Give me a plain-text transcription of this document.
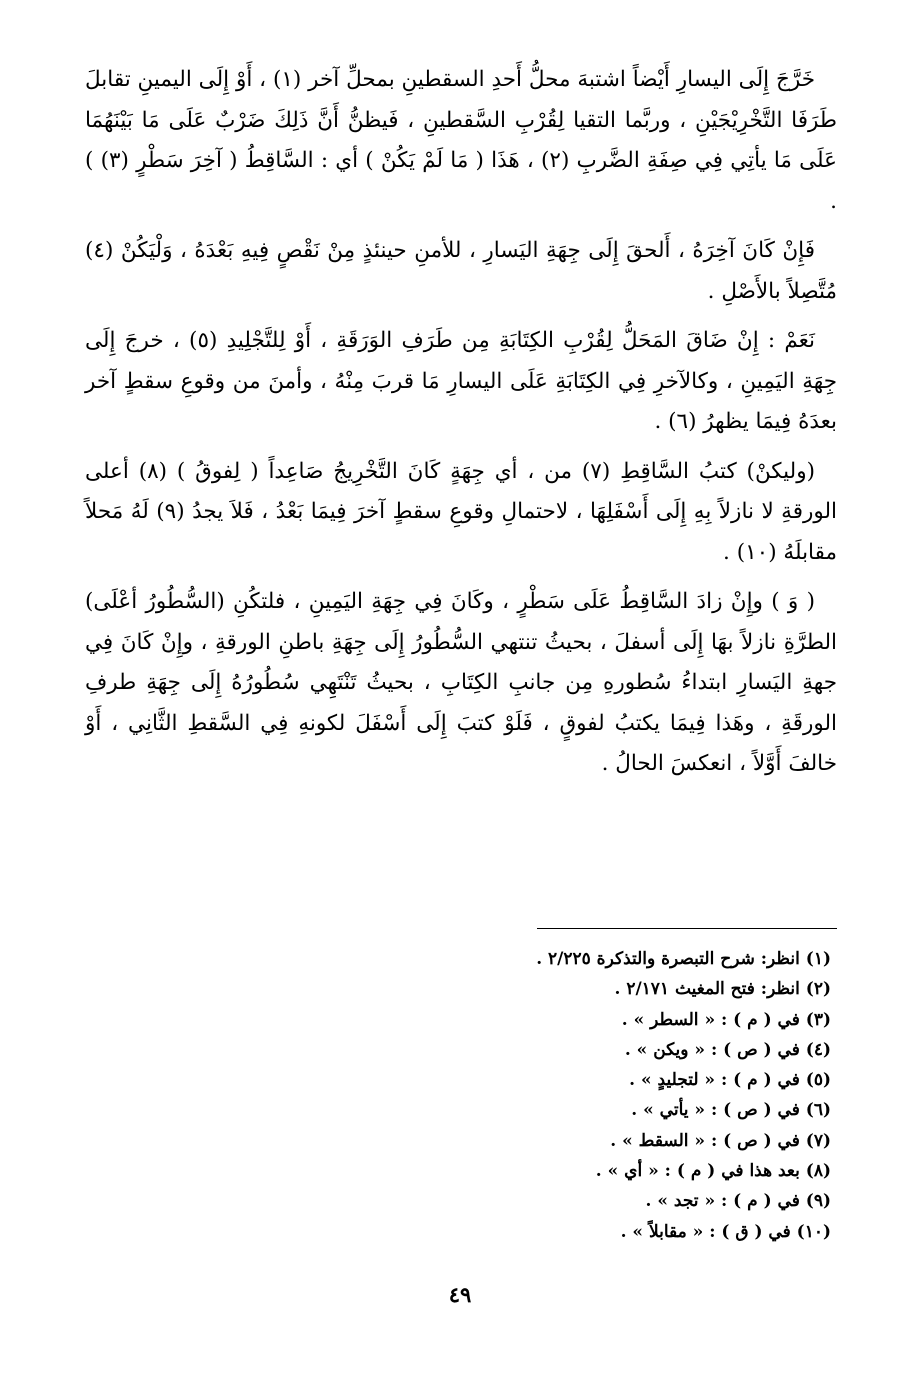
خَرَّجَ إِلَى اليسارِ أَيْضاً اشتبهَ محلُّ أَحدِ السقطينِ بمحلِّ آخر (١) ، أَوْ إِلَى اليمينِ تقابلَ طَرَفَا التَّخْرِيْجَيْنِ ، وربَّما التقيا لِقُرْبِ السَّقطينِ ، فَيظنُّ أَنَّ ذَلِكَ ضَرْبٌ عَلَى مَا بَيْنَهُمَا عَلَى مَا يأتِي فِي صِفَةِ الضَّربِ (٢) ، هَذَا ( مَا لَمْ يَكُنْ ) أي : السَّاقِطُ ( آخِرَ سَطْرٍ (٣) ) .

فَإِنْ كَانَ آخِرَهُ ، أَلحقَ إِلَى جِهَةِ اليَسارِ ، للأمنِ حينئذٍ مِنْ نَقْصٍ فِيهِ بَعْدَهُ ، وَلْيَكُنْ (٤) مُتَّصِلاً بالأَصْلِ .

نَعَمْ : إِنْ ضَاقَ المَحَلُّ لِقُرْبِ الكِتَابَةِ مِن طَرَفِ الوَرَقَةِ ، أَوْ لِلتَّجْلِيدِ (٥) ، خرجَ إِلَى جِهَةِ اليَمِينِ ، وكالآخرِ فِي الكِتَابَةِ عَلَى اليسارِ مَا قربَ مِنْهُ ، وأمنَ من وقوعِ سقطٍ آخر بعدَهُ فِيمَا يظهرُ (٦) .

(وليكنْ) كتبُ السَّاقِطِ (٧) من ، أي جِهَةٍ كَانَ التَّخْرِيجُ صَاعِداً ( لِفوقُ ) (٨) أعلى الورقةِ لا نازلاً بِهِ إِلَى أَسْفَلِهَا ، لاحتمالِ وقوعِ سقطٍ آخرَ فِيمَا بَعْدُ ، فَلاَ يجدُ (٩) لَهُ مَحلاً مقابلَهُ (١٠) .

( وَ ) وإِنْ زادَ السَّاقِطُ عَلَى سَطْرٍ ، وكَانَ فِي جِهَةِ اليَمِينِ ، فلتكُنِ (السُّطُورُ أعْلَى) الطرَّةِ نازلاً بهَا إِلَى أسفلَ ، بحيثُ تنتهي السُّطُورُ إِلَى جِهَةِ باطنِ الورقةِ ، وإِنْ كَانَ فِي جهةِ اليَسارِ ابتداءُ سُطورهِ مِن جانبِ الكِتَابِ ، بحيثُ تَنْتَهِي سُطُورُهُ إِلَى جِهَةِ طرفِ الورقَةِ ، وهَذا فِيمَا يكتبُ لفوقٍ ، فَلَوْ كتبَ إِلَى أَسْفَلَ لكونهِ فِي السَّقطِ الثَّانِي ، أَوْ خالفَ أَوَّلاً ، انعكسَ الحالُ .

(١) انظر: شرح التبصرة والتذكرة ٢/٢٢٥ .

(٢) انظر: فتح المغيث ٢/١٧١ .

(٣) في ( م ) : « السطر » .

(٤) في ( ص ) : « ويكن » .

(٥) في ( م ) : « لتجليدٍ » .

(٦) في ( ص ) : « يأتي » .

(٧) في ( ص ) : « السقط » .

(٨) بعد هذا في ( م ) : « أي » .

(٩) في ( م ) : « تجد » .

(١٠) في ( ق ) : « مقابلاً » .

٤٩
